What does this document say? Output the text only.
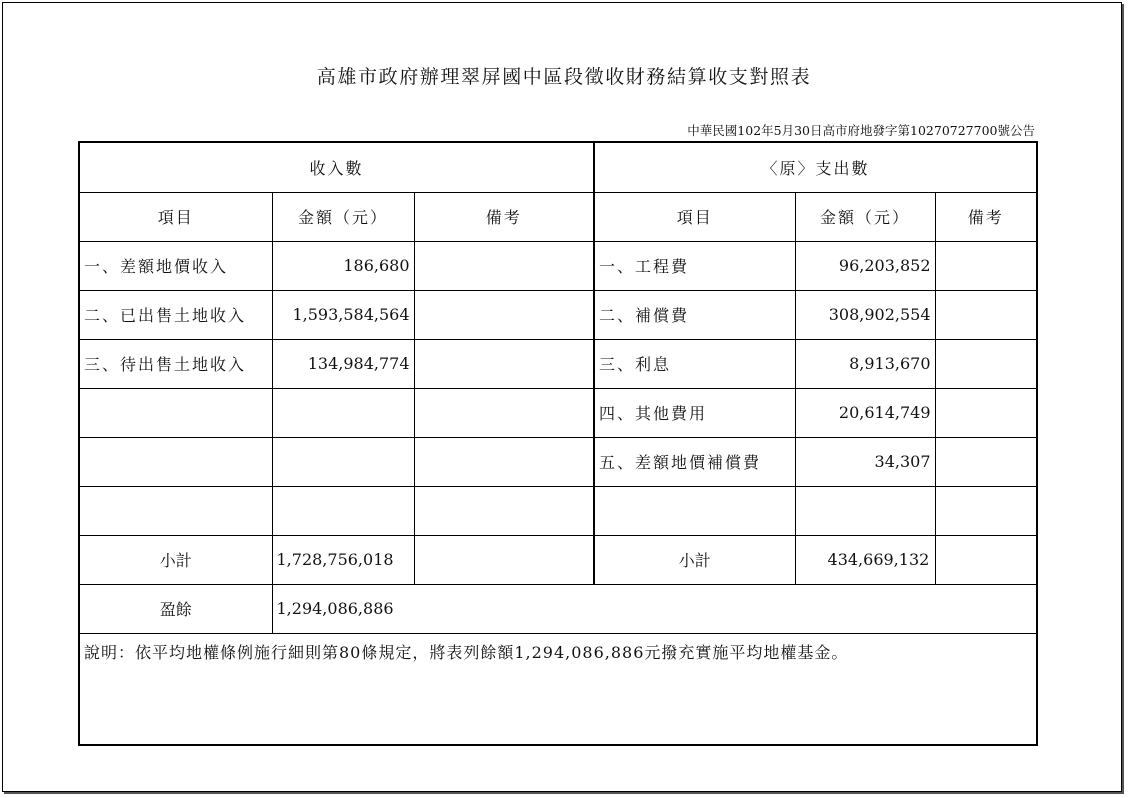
高雄市政府辦理翠屏國中區段徵收財務結算收支對照表
中華民國102年5月30日高市府地發字第10270727700號公告
收入數			〈原〉支出數		
項目	金額（元）	備考	項目	金額（元）	備考
一、差額地價收入	186,680		一、工程費	96,203,852	
二、已出售土地收入	1,593,584,564		二、補償費	308,902,554	
三、待出售土地收入	134,984,774		三、利息	8,913,670	
			四、其他費用	20,614,749	
			五、差額地價補償費	34,307	

小計	1,728,756,018		小計	434,669,132	
盈餘	1,294,086,886				
說明：依平均地權條例施行細則第80條規定，將表列餘額1,294,086,886元撥充實施平均地權基金。					
